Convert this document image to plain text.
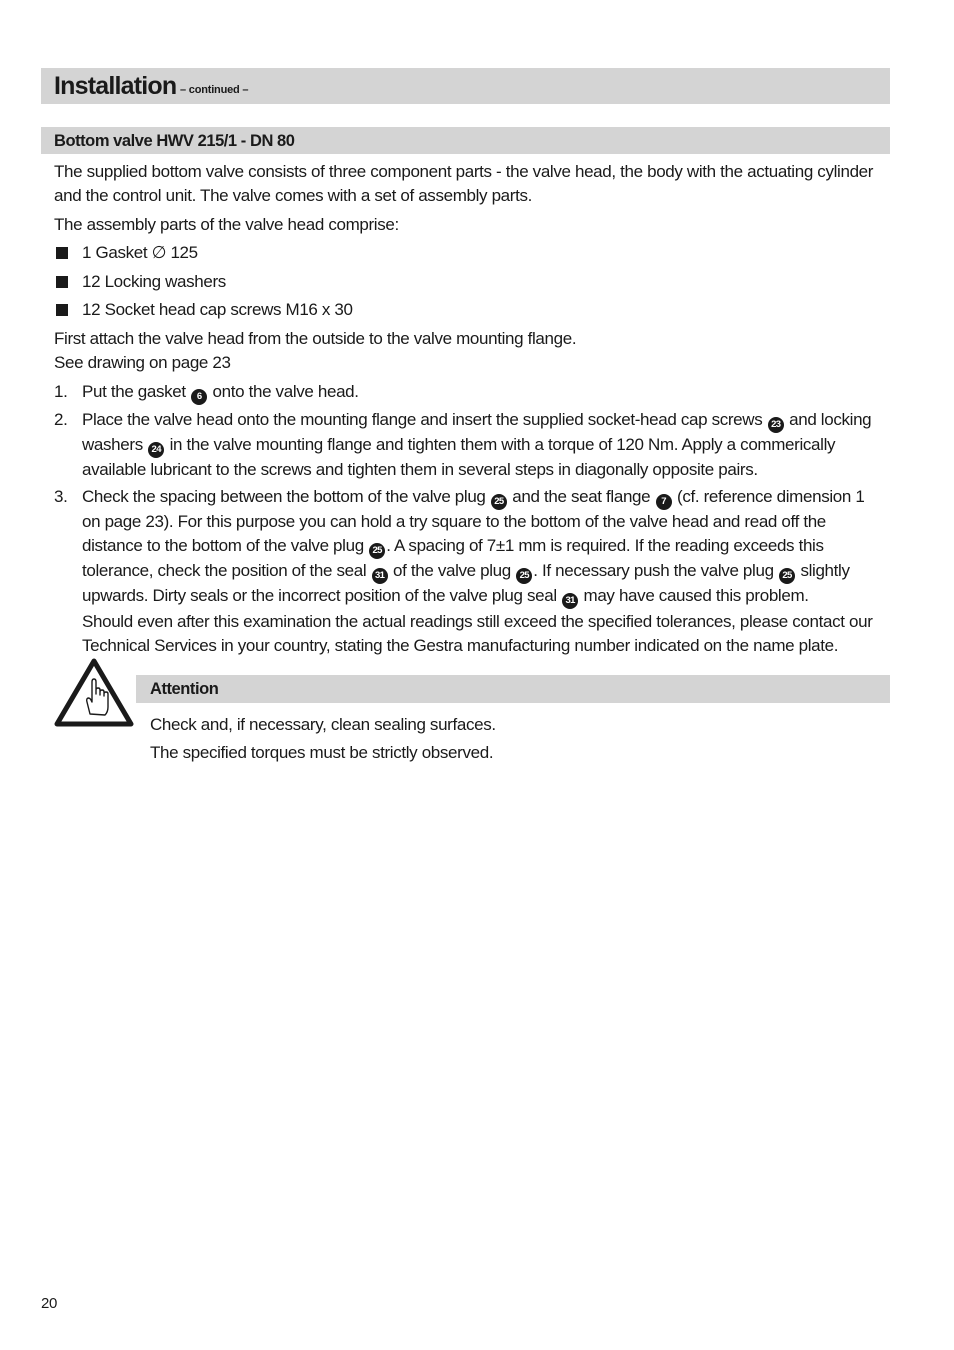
Installation – continued –
Bottom valve HWV 215/1 - DN 80
The supplied bottom valve consists of three component parts - the valve head, the body with the actuating cylinder and the control unit. The valve comes with a set of assembly parts.
The assembly parts of the valve head comprise:
1 Gasket ∅ 125
12 Locking washers
12 Socket head cap screws M16 x 30
First attach the valve head from the outside to the valve mounting flange.
See drawing on page 23
1. Put the gasket 6 onto the valve head.
2. Place the valve head onto the mounting flange and insert the supplied socket-head cap screws 23 and locking washers 24 in the valve mounting flange and tighten them with a torque of 120 Nm. Apply a commerically available lubricant to the screws and tighten them in several steps in diagonally opposite pairs.
3. Check the spacing between the bottom of the valve plug 25 and the seat flange 7 (cf. reference dimension 1 on page 23). For this purpose you can hold a try square to the bottom of the valve head and read off the distance to the bottom of the valve plug 25 . A spacing of 7±1 mm is required. If the reading exceeds this tolerance, check the position of the seal 31 of the valve plug 25 . If necessary push the valve plug 25 slightly upwards. Dirty seals or the incorrect position of the valve plug seal 31 may have caused this problem.
Should even after this examination the actual readings still exceed the specified tolerances, please contact our Technical Services in your country, stating the Gestra manufacturing number indicated on the name plate.
Attention
Check and, if necessary, clean sealing surfaces.
The specified torques must be strictly observed.
20
